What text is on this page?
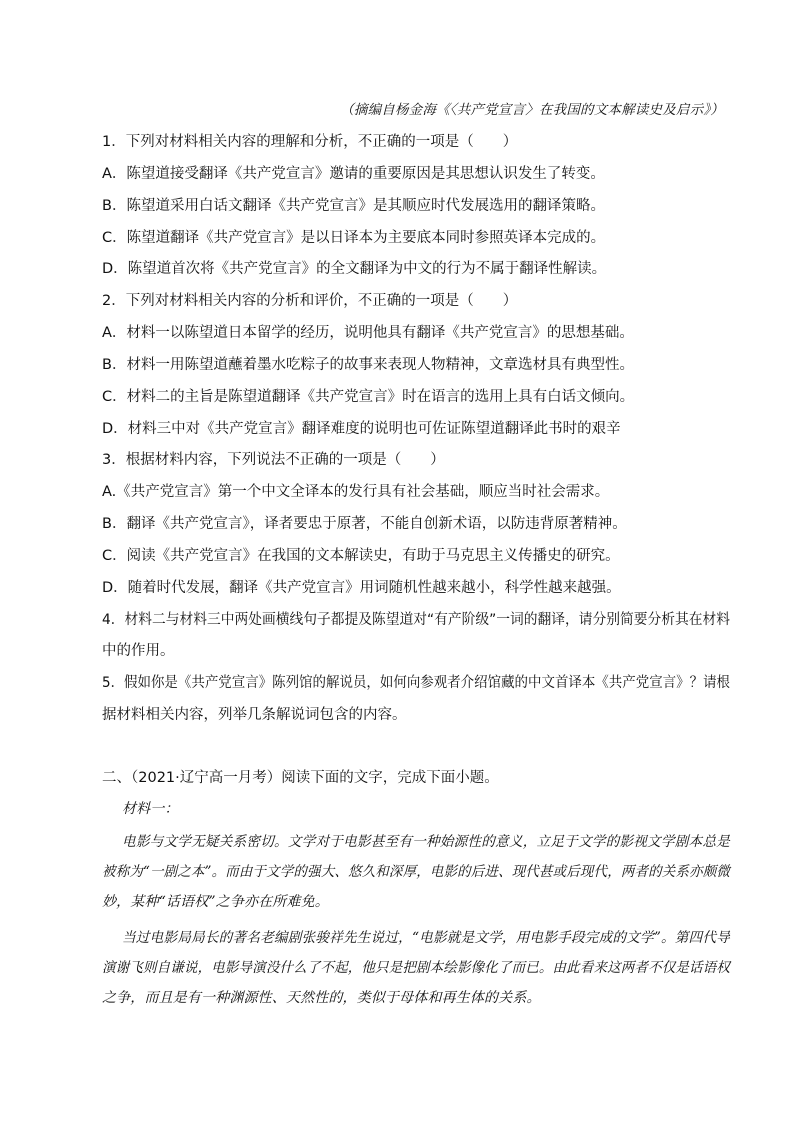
（摘编自杨金海《〈共产党宣言〉在我国的文本解读史及启示》）
1．下列对材料相关内容的理解和分析，不正确的一项是（　　）
A．陈望道接受翻译《共产党宣言》邀请的重要原因是其思想认识发生了转变。
B．陈望道采用白话文翻译《共产党宣言》是其顺应时代发展选用的翻译策略。
C．陈望道翻译《共产党宣言》是以日译本为主要底本同时参照英译本完成的。
D．陈望道首次将《共产党宣言》的全文翻译为中文的行为不属于翻译性解读。
2．下列对材料相关内容的分析和评价，不正确的一项是（　　）
A．材料一以陈望道日本留学的经历，说明他具有翻译《共产党宣言》的思想基础。
B．材料一用陈望道蘸着墨水吃粽子的故事来表现人物精神，文章选材具有典型性。
C．材料二的主旨是陈望道翻译《共产党宣言》时在语言的选用上具有白话文倾向。
D．材料三中对《共产党宣言》翻译难度的说明也可佐证陈望道翻译此书时的艰辛
3．根据材料内容，下列说法不正确的一项是（　　）
A.《共产党宣言》第一个中文全译本的发行具有社会基础，顺应当时社会需求。
B．翻译《共产党宣言》，译者要忠于原著，不能自创新术语，以防违背原著精神。
C．阅读《共产党宣言》在我国的文本解读史，有助于马克思主义传播史的研究。
D．随着时代发展，翻译《共产党宣言》用词随机性越来越小，科学性越来越强。
4．材料二与材料三中两处画横线句子都提及陈望道对“有产阶级”一词的翻译，请分别简要分析其在材料
中的作用。
5．假如你是《共产党宣言》陈列馆的解说员，如何向参观者介绍馆藏的中文首译本《共产党宣言》？请根
据材料相关内容，列举几条解说词包含的内容。
二、（2021·辽宁高一月考）阅读下面的文字，完成下面小题。
材料一：
电影与文学无疑关系密切。文学对于电影甚至有一种始源性的意义，立足于文学的影视文学剧本总是
被称为“一剧之本”。而由于文学的强大、悠久和深厚，电影的后进、现代甚或后现代，两者的关系亦颇微
妙，某种“话语权”之争亦在所难免。
当过电影局局长的著名老编剧张骏祥先生说过，“电影就是文学，用电影手段完成的文学”。第四代导
演谢飞则自谦说，电影导演没什么了不起，他只是把剧本绘影像化了而已。由此看来这两者不仅是话语权
之争，而且是有一种渊源性、天然性的，类似于母体和再生体的关系。
